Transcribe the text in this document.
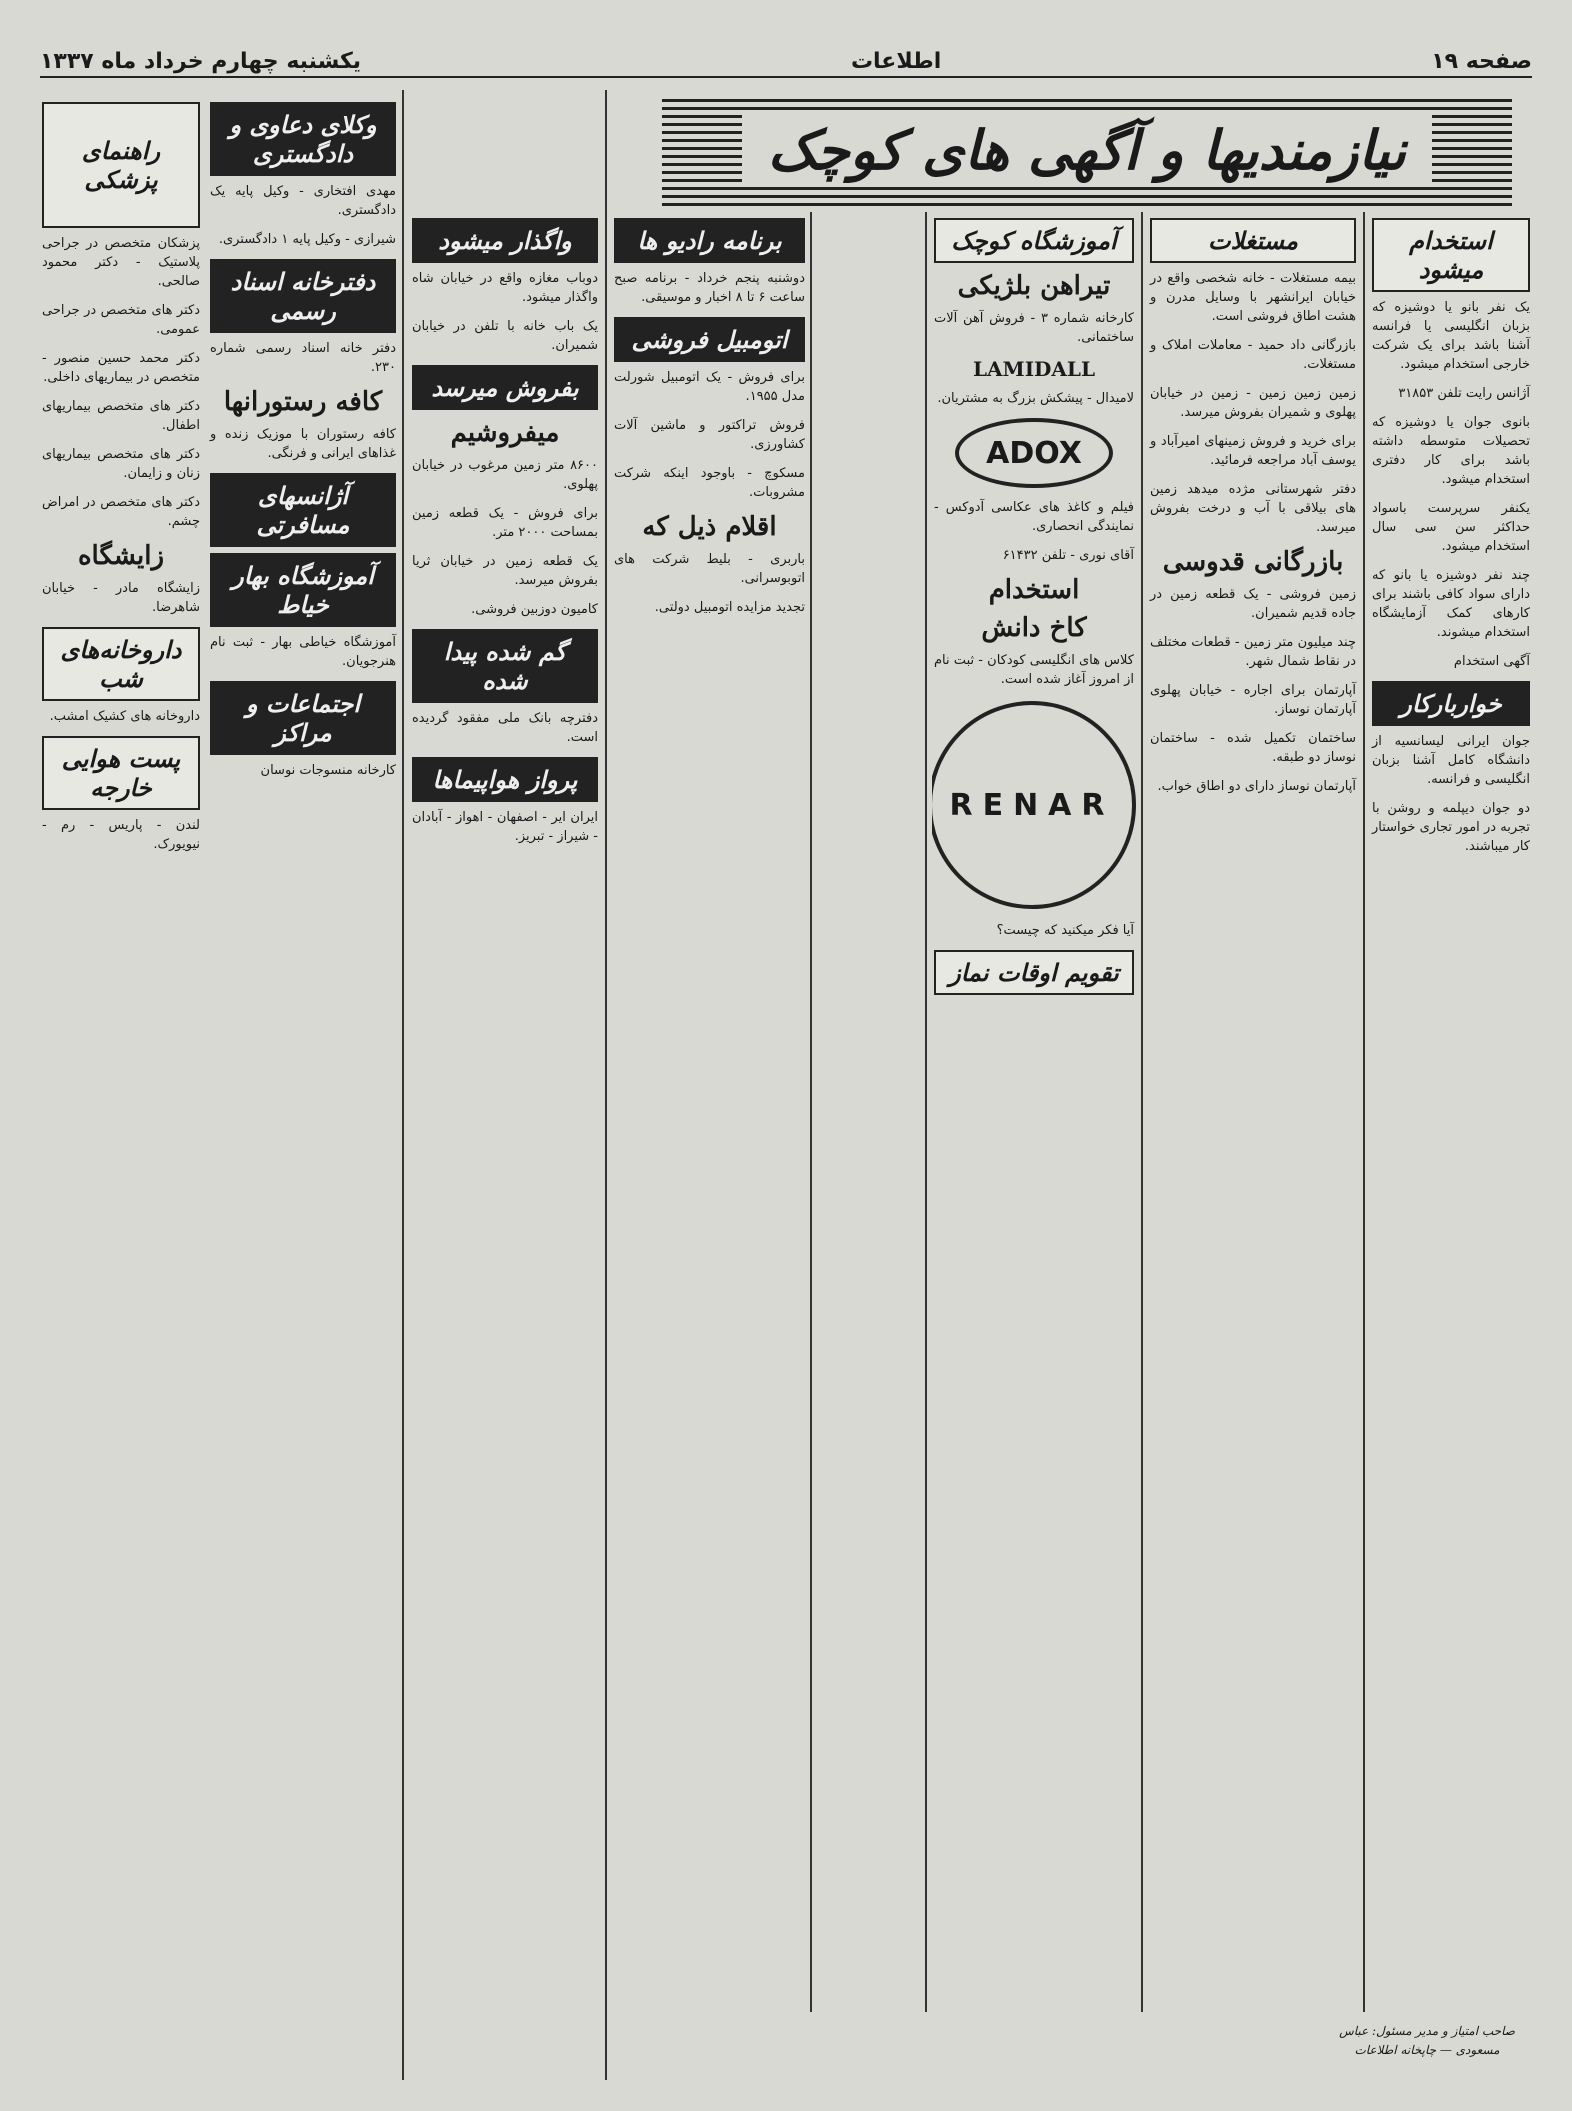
صفحه ۱۹
اطلاعات
یکشنبه چهارم خرداد ماه ۱۳۳۷
نیازمندیها و آگهی های کوچک
استخدام میشود
یک نفر بانو یا دوشیزه که بزبان انگلیسی یا فرانسه آشنا باشد برای یک شرکت خارجی استخدام میشود.
آژانس رایت تلفن ۳۱۸۵۳
بانوی جوان یا دوشیزه که تحصیلات متوسطه داشته باشد برای کار دفتری استخدام میشود.
یکنفر سرپرست باسواد حداکثر سن سی سال استخدام میشود.
چند نفر دوشیزه یا بانو که دارای سواد کافی باشند برای کارهای کمک آزمایشگاه استخدام میشوند.
آگهی استخدام
خواربارکار
جوان ایرانی لیسانسیه از دانشگاه کامل آشنا بزبان انگلیسی و فرانسه.
دو جوان دیپلمه و روشن با تجربه در امور تجاری خواستار کار میباشند.
مستغلات
بیمه مستغلات - خانه شخصی واقع در خیابان ایرانشهر با وسایل مدرن و هشت اطاق فروشی است.
بازرگانی داد حمید - معاملات املاک و مستغلات.
زمین زمین زمین - زمین در خیابان پهلوی و شمیران بفروش میرسد.
برای خرید و فروش زمینهای امیرآباد و یوسف آباد مراجعه فرمائید.
دفتر شهرستانی مژده میدهد زمین های بیلاقی با آب و درخت بفروش میرسد.
بازرگانی قدوسی
زمین فروشی - یک قطعه زمین در جاده قدیم شمیران.
چند میلیون متر زمین - قطعات مختلف در نقاط شمال شهر.
آپارتمان برای اجاره - خیابان پهلوی آپارتمان نوساز.
ساختمان تکمیل شده - ساختمان نوساز دو طبقه.
آپارتمان نوساز دارای دو اطاق خواب.
آموزشگاه کوچک
تیراهن بلژیکی
کارخانه شماره ۳ - فروش آهن آلات ساختمانی.
LAMIDALL
لامیدال - پیشکش بزرگ به مشتریان.
ADOX
فیلم و کاغذ های عکاسی آدوکس - نمایندگی انحصاری.
آقای نوری - تلفن ۶۱۴۳۲
استخدام
کاخ دانش
کلاس های انگلیسی کودکان - ثبت نام از امروز آغاز شده است.
RENAR
آیا فکر میکنید که چیست؟
تقویم اوقات نماز
برنامه رادیو ها
دوشنبه پنجم خرداد - برنامه صبح ساعت ۶ تا ۸ اخبار و موسیقی.
اتومبیل فروشی
برای فروش - یک اتومبیل شورلت مدل ۱۹۵۵.
فروش تراکتور و ماشین آلات کشاورزی.
مسکوچ - باوجود اینکه شرکت مشروبات.
اقلام ذیل که
باربری - بلیط شرکت های اتوبوسرانی.
تجدید مزایده اتومبیل دولتی.
واگذار میشود
دوباب مغازه واقع در خیابان شاه واگذار میشود.
یک باب خانه با تلفن در خیابان شمیران.
بفروش میرسد
میفروشیم
۸۶۰۰ متر زمین مرغوب در خیابان پهلوی.
برای فروش - یک قطعه زمین بمساحت ۲۰۰۰ متر.
یک قطعه زمین در خیابان ثریا بفروش میرسد.
کامیون دوزبین فروشی.
گم شده پیدا شده
دفترچه بانک ملی مفقود گردیده است.
پرواز هواپیماها
ایران ایر - اصفهان - اهواز - آبادان - شیراز - تبریز.
وکلای دعاوی و دادگستری
مهدی افتخاری - وکیل پایه یک دادگستری.
شیرازی - وکیل پایه ۱ دادگستری.
دفترخانه اسناد رسمی
دفتر خانه اسناد رسمی شماره ۲۳۰.
کافه رستورانها
کافه رستوران با موزیک زنده و غذاهای ایرانی و فرنگی.
آژانسهای مسافرتی
آموزشگاه بهار خیاط
آموزشگاه خیاطی بهار - ثبت نام هنرجویان.
اجتماعات و مراکز
کارخانه منسوجات نوسان
راهنمای پزشکی
پزشکان متخصص در جراحی پلاستیک - دکتر محمود صالحی.
دکتر های متخصص در جراحی عمومی.
دکتر محمد حسین منصور - متخصص در بیماریهای داخلی.
دکتر های متخصص بیماریهای اطفال.
دکتر های متخصص بیماریهای زنان و زایمان.
دکتر های متخصص در امراض چشم.
زایشگاه
زایشگاه مادر - خیابان شاهرضا.
داروخانه‌های شب
داروخانه های کشیک امشب.
پست هوایی خارجه
لندن - پاریس - رم - نیویورک.
صاحب امتیاز و مدیر مسئول: عباس مسعودی — چاپخانه اطلاعات
